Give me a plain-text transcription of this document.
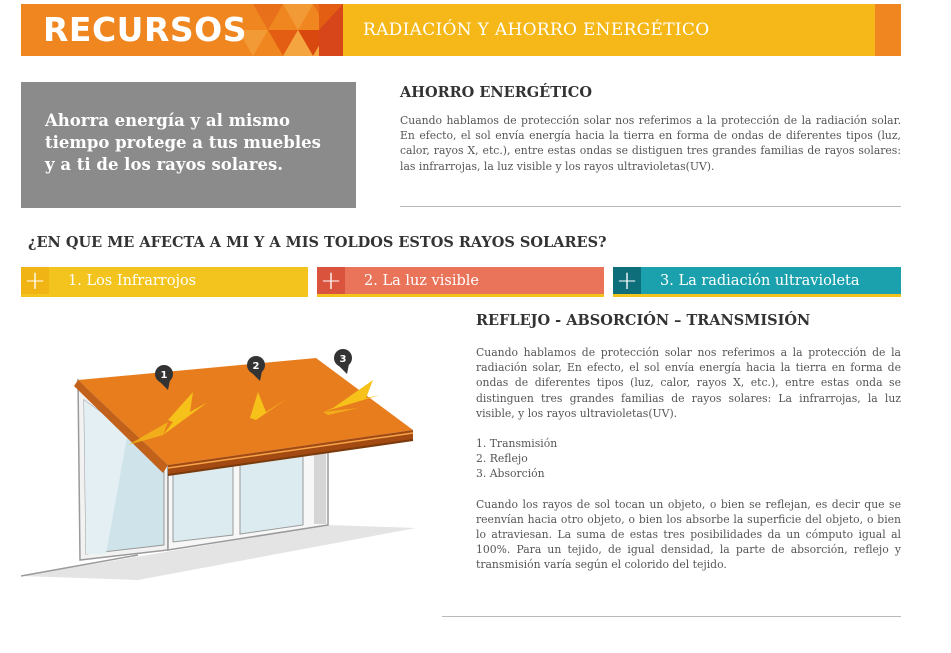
RECURSOS	RADIACIÓN Y AHORRO ENERGÉTICO

Ahorra energía y al mismo tiempo protege a tus muebles y a ti de los rayos solares.

AHORRO ENERGÉTICO

Cuando hablamos de protección solar nos referimos a la protección de la radiación solar. En efecto, el sol envía energía hacia la tierra en forma de ondas de diferentes tipos (luz, calor, rayos X, etc.), entre estas ondas se distiguen tres grandes familias de rayos solares: las infrarrojas, la luz visible y los rayos ultravioletas(UV).

¿EN QUE ME AFECTA A MI Y A MIS TOLDOS ESTOS RAYOS SOLARES?
+	1. Los Infrarrojos	+	2. La luz visible	+	3. La radiación ultravioleta
1
2
3
REFLEJO - ABSORCIÓN – TRANSMISIÓN

Cuando hablamos de protección solar nos referimos a la protección de la radiación solar, En efecto, el sol envía energía hacia la tierra en forma de ondas de diferentes tipos (luz, calor, rayos X, etc.), entre estas onda se distinguen tres grandes familias de rayos solares: La infrarrojas, la luz visible, y los rayos ultravioletas(UV).

1. Transmisión
2. Reflejo
3. Absorción

Cuando los rayos de sol tocan un objeto, o bien se reflejan, es decir que se reenvían hacia otro objeto, o bien los absorbe la superficie del objeto, o bien lo atraviesan. La suma de estas tres posibilidades da un cómputo igual al 100%. Para un tejido, de igual densidad, la parte de absorción, reflejo y transmisión varía según el colorido del tejido.
